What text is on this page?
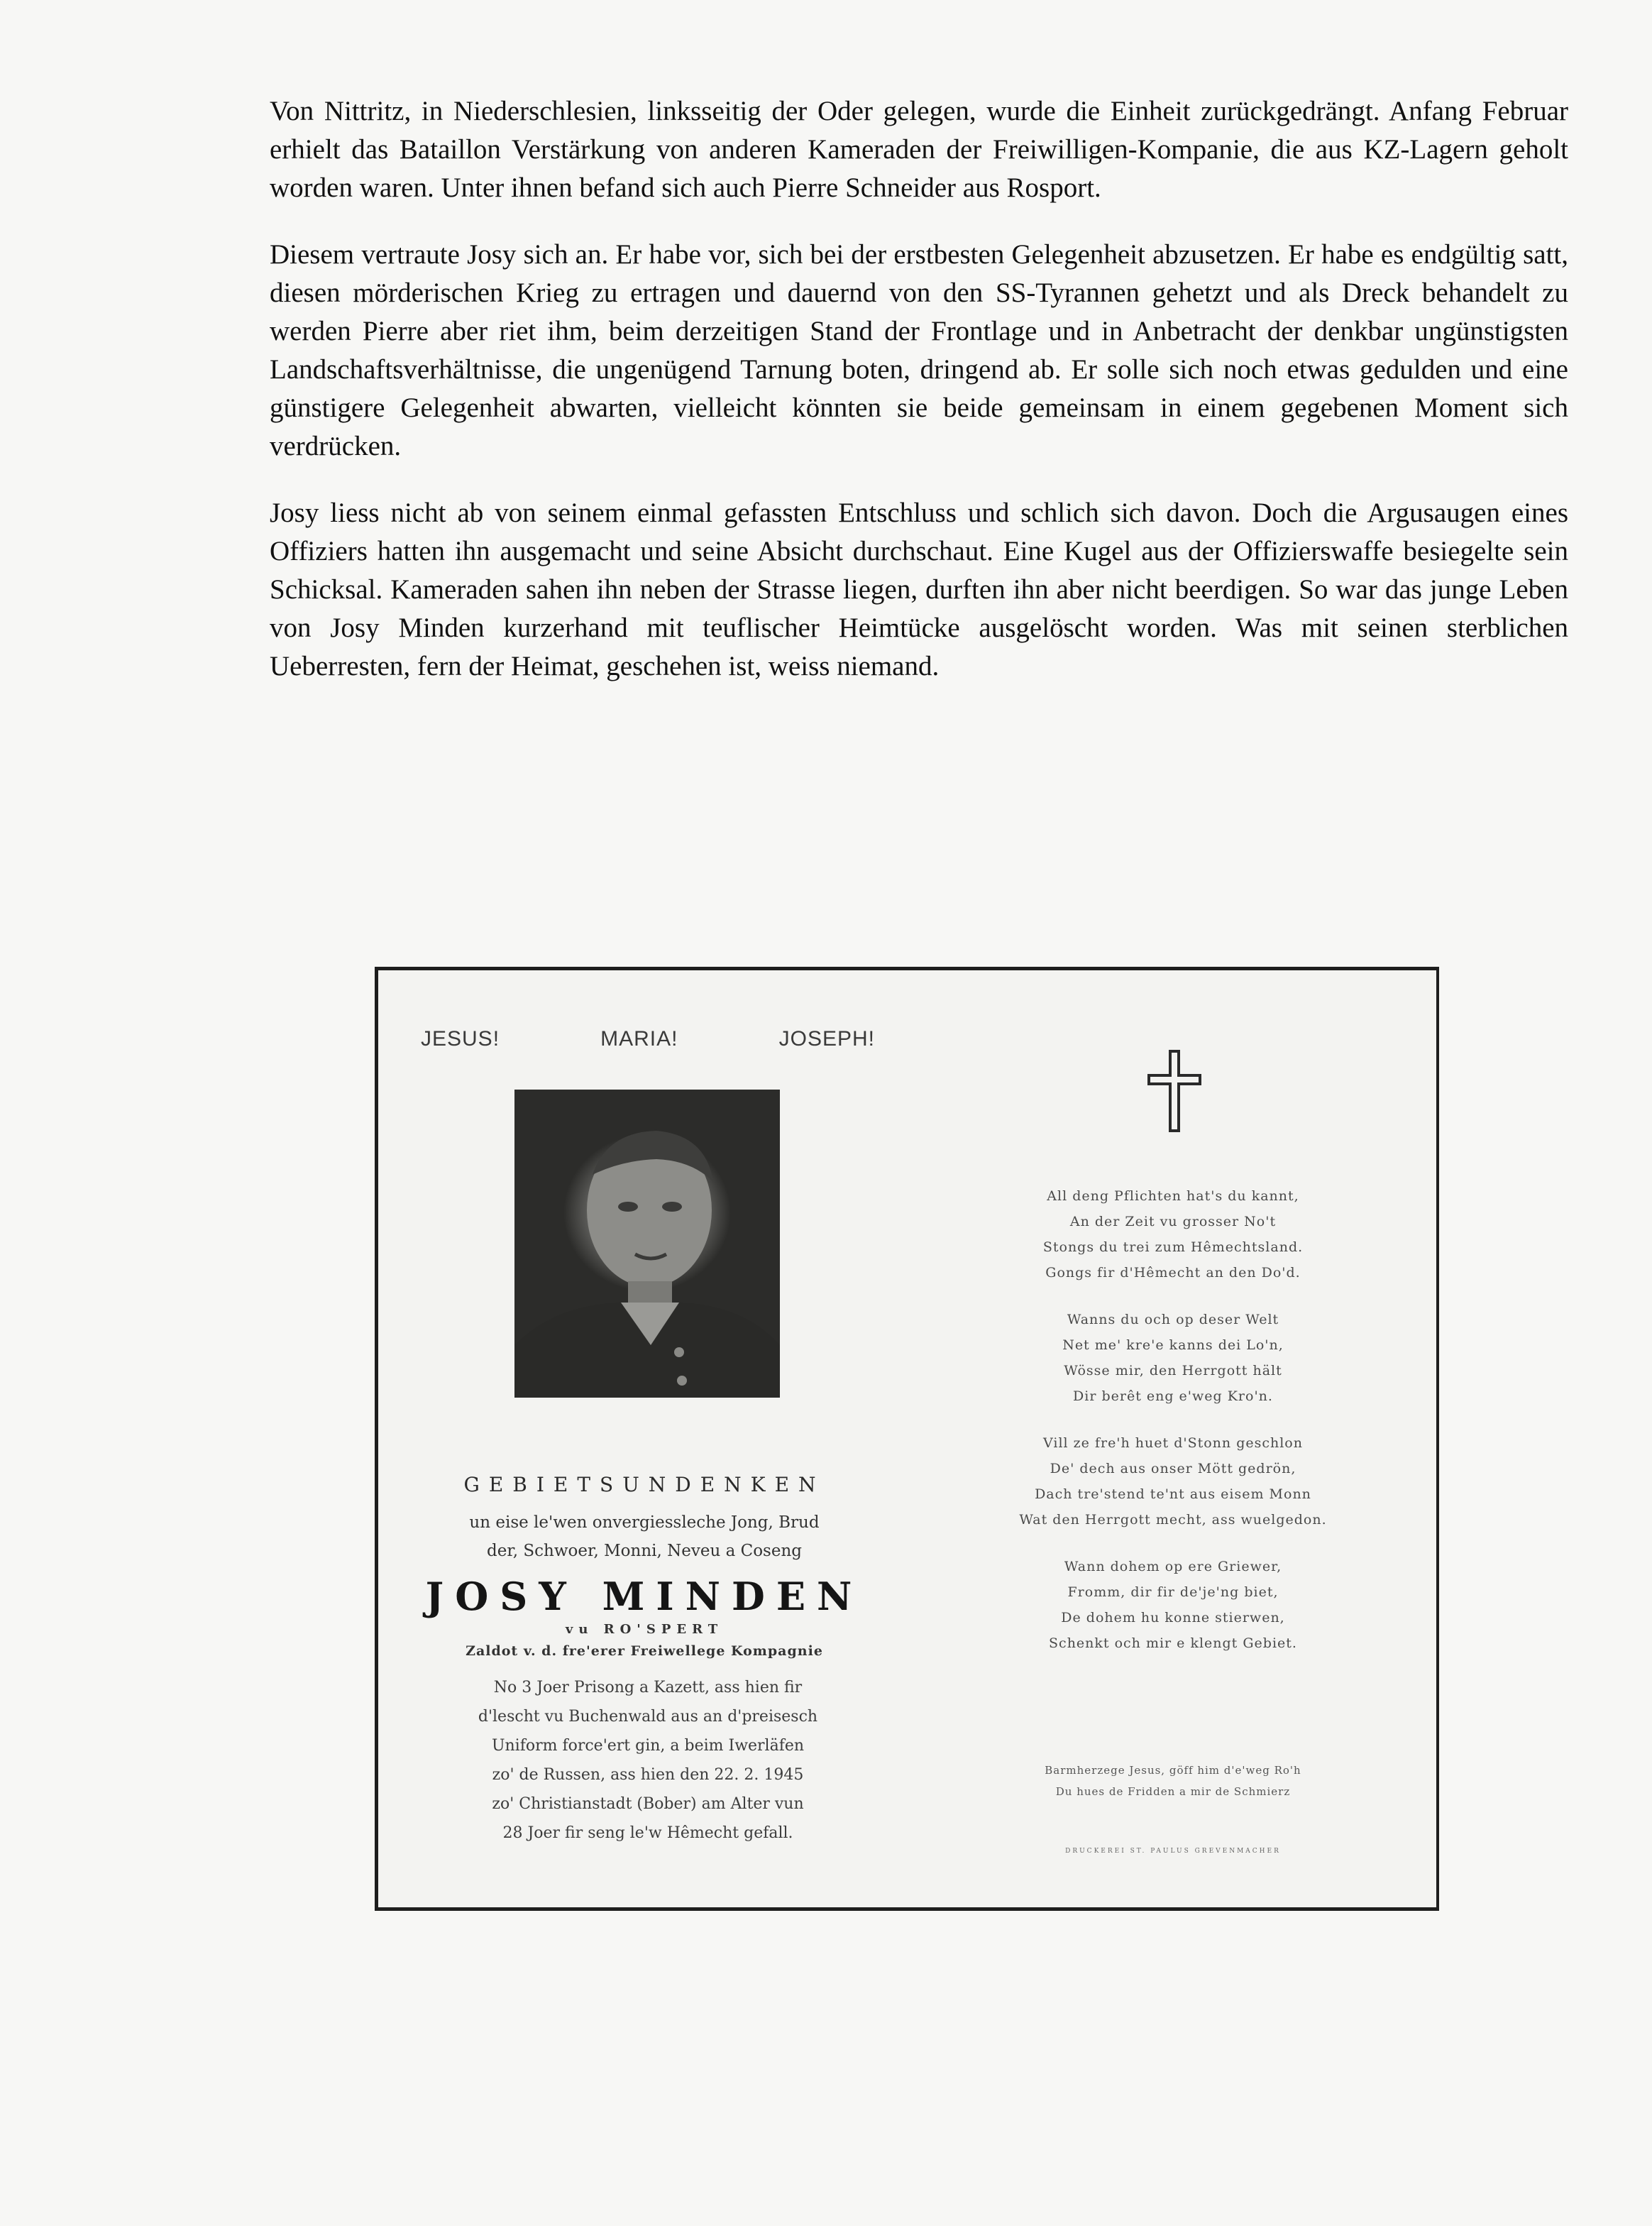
Von Nittritz, in Niederschlesien, linksseitig der Oder gelegen, wurde die Einheit zurückgedrängt. Anfang Februar erhielt das Bataillon Verstärkung von anderen Kameraden der Freiwilligen-Kompanie, die aus KZ-Lagern geholt worden waren. Unter ihnen befand sich auch Pierre Schneider aus Rosport.

Diesem vertraute Josy sich an. Er habe vor, sich bei der erstbesten Gelegenheit abzusetzen. Er habe es endgültig satt, diesen mörderischen Krieg zu ertragen und dauernd von den SS-Tyrannen gehetzt und als Dreck behandelt zu werden Pierre aber riet ihm, beim derzeitigen Stand der Frontlage und in Anbetracht der denkbar ungünstigsten Landschaftsverhältnisse, die ungenügend Tarnung boten, dringend ab. Er solle sich noch etwas gedulden und eine günstigere Gelegenheit abwarten, vielleicht könnten sie beide gemeinsam in einem gegebenen Moment sich verdrücken.

Josy liess nicht ab von seinem einmal gefassten Entschluss und schlich sich davon. Doch die Argusaugen eines Offiziers hatten ihn ausgemacht und seine Absicht durchschaut. Eine Kugel aus der Offizierswaffe besiegelte sein Schicksal. Kameraden sahen ihn neben der Strasse liegen, durften ihn aber nicht beerdigen. So war das junge Leben von Josy Minden kurzerhand mit teuflischer Heimtücke ausgelöscht worden. Was mit seinen sterblichen Ueberresten, fern der Heimat, geschehen ist, weiss niemand.

JESUS!	MARIA!	JOSEPH!
GEBIETSUNDENKEN
un eise le'wen onvergiessleche Jong, Brud
der, Schwoer, Monni, Neveu a Coseng
JOSY MINDEN
vu RO'SPERT
Zaldot v. d. fre'erer Freiwellege Kompagnie
No 3 Joer Prisong a Kazett, ass hien fir
d'lescht vu Buchenwald aus an d'preisesch
Uniform force'ert gin, a beim Iwerläfen
zo' de Russen, ass hien den 22. 2. 1945
zo' Christianstadt (Bober) am Alter vun
28 Joer fir seng le'w Hêmecht gefall.
All deng Pflichten hat's du kannt,
An der Zeit vu grosser No't
Stongs du trei zum Hêmechtsland.
Gongs fir d'Hêmecht an den Do'd.
Wanns du och op deser Welt
Net me' kre'e kanns dei Lo'n,
Wösse mir, den Herrgott hält
Dir berêt eng e'weg Kro'n.
Vill ze fre'h huet d'Stonn geschlon
De' dech aus onser Mött gedrön,
Dach tre'stend te'nt aus eisem Monn
Wat den Herrgott mecht, ass wuelgedon.
Wann dohem op ere Griewer,
Fromm, dir fir de'je'ng biet,
De dohem hu konne stierwen,
Schenkt och mir e klengt Gebiet.
Barmherzege Jesus, göff him d'e'weg Ro'h
Du hues de Fridden a mir de Schmierz
DRUCKEREI ST. PAULUS GREVENMACHER
